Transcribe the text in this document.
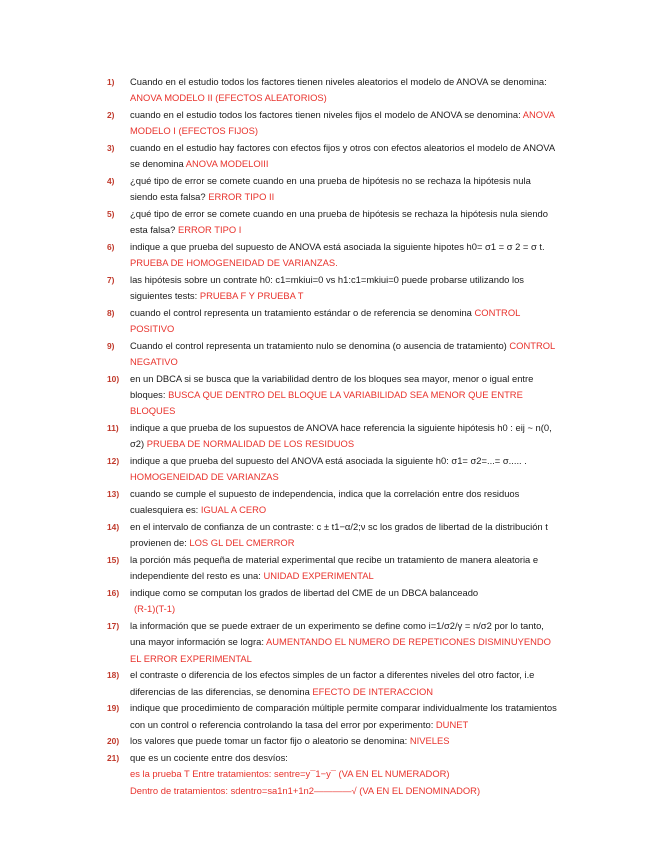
1)	Cuando en el estudio todos los factores tienen niveles aleatorios el modelo de ANOVA se denomina: ANOVA MODELO II (EFECTOS ALEATORIOS)
2)	cuando en el estudio todos los factores tienen niveles fijos el modelo de ANOVA se denomina: ANOVA MODELO I (EFECTOS FIJOS)
3)	cuando en el estudio hay factores con efectos fijos y otros con efectos aleatorios el modelo de ANOVA se denomina ANOVA MODELOIII
4)	¿qué tipo de error se comete cuando en una prueba de hipótesis no se rechaza la hipótesis nula siendo esta falsa? ERROR TIPO II
5)	¿qué tipo de error se comete cuando en una prueba de hipótesis se rechaza la hipótesis nula siendo esta falsa? ERROR TIPO I
6)	indique a que prueba del supuesto de ANOVA está asociada la siguiente hipotes h0= σ1 = σ 2 = σ t. PRUEBA DE HOMOGENEIDAD DE VARIANZAS.
7)	las hipótesis sobre un contrate h0: c1=mkiui=0 vs h1:c1=mkiui=0 puede probarse utilizando los siguientes tests: PRUEBA F Y PRUEBA T
8)	cuando el control representa un tratamiento estándar o de referencia se denomina CONTROL POSITIVO
9)	Cuando el control representa un tratamiento nulo se denomina (o ausencia de tratamiento) CONTROL NEGATIVO
10)	en un DBCA si se busca que la variabilidad dentro de los bloques sea mayor, menor o igual entre bloques: BUSCA QUE DENTRO DEL BLOQUE LA VARIABILIDAD SEA MENOR QUE ENTRE BLOQUES
11)	indique a que prueba de los supuestos de ANOVA hace referencia la siguiente hipótesis h0 : eij ~ n(0, σ2) PRUEBA DE NORMALIDAD DE LOS RESIDUOS
12)	indique a que prueba del supuesto del ANOVA está asociada la siguiente h0: σ1= σ2=...= σ..... . HOMOGENEIDAD DE VARIANZAS
13)	cuando se cumple el supuesto de independencia, indica que la correlación entre dos residuos cualesquiera es: IGUAL A CERO
14)	en el intervalo de confianza de un contraste: c ± t1−α/2;ν sc los grados de libertad de la distribución t provienen de: LOS GL DEL CMERROR
15)	la porción más pequeña de material experimental que recibe un tratamiento de manera aleatoria e independiente del resto es una: UNIDAD EXPERIMENTAL
16)	indique como se computan los grados de libertad del CME de un DBCA balanceado
(R-1)(T-1)
17)	la información que se puede extraer de un experimento se define como i=1/σ2/γ = n/σ2 por lo tanto, una mayor información se logra: AUMENTANDO EL NUMERO DE REPETICONES DISMINUYENDO EL ERROR EXPERIMENTAL
18)	el contraste o diferencia de los efectos simples de un factor a diferentes niveles del otro factor, i.e diferencias de las diferencias, se denomina EFECTO DE INTERACCION
19)	indique que procedimiento de comparación múltiple permite comparar individualmente los tratamientos con un control o referencia controlando la tasa del error por experimento: DUNET
20)	los valores que puede tomar un factor fijo o aleatorio se denomina: NIVELES
21)	que es un cociente entre dos desvíos:
es la prueba T Entre tratamientos: sentre=y¯1−y¯ (VA EN EL NUMERADOR)
Dentro de tratamientos: sdentro=sa1n1+1n2————√ (VA EN EL DENOMINADOR)
